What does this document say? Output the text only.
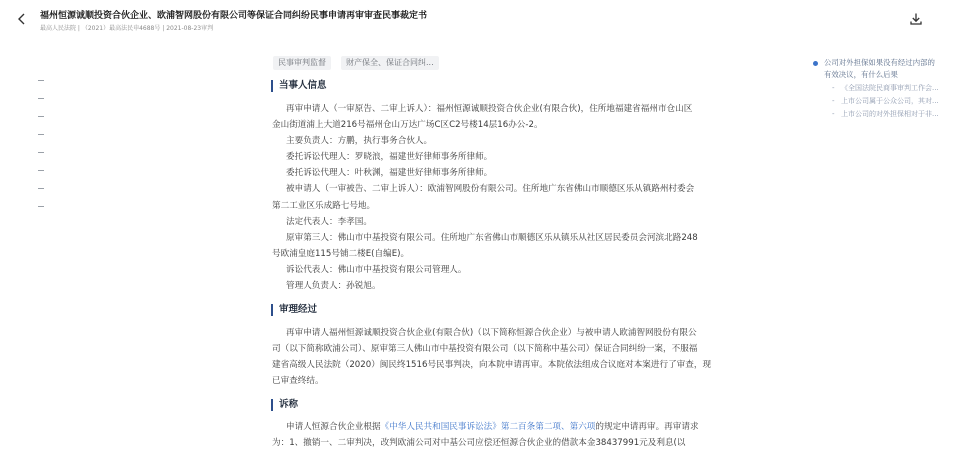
福州恒源诚顺投资合伙企业、欧浦智网股份有限公司等保证合同纠纷民事申请再审审查民事裁定书
最高人民法院 | （2021）最高法民申4688号 | 2021-08-23审判
民事审判监督	财产保全、保证合同纠...
当事人信息
再审申请人（一审原告、二审上诉人）：福州恒源诚顺投资合伙企业(有限合伙)，住所地福建省福州市仓山区
金山街道浦上大道216号福州仓山万达广场C区C2号楼14层16办公-2。
主要负责人：方鹏，执行事务合伙人。
委托诉讼代理人：罗晓浪，福建世好律师事务所律师。
委托诉讼代理人：叶秋渊，福建世好律师事务所律师。
被申请人（一审被告、二审上诉人）：欧浦智网股份有限公司。住所地广东省佛山市顺德区乐从镇路州村委会
第二工业区乐成路七号地。
法定代表人：李孝国。
原审第三人：佛山市中基投资有限公司。住所地广东省佛山市顺德区乐从镇乐从社区居民委员会河滨北路248
号欧浦皇庭115号铺二楼E(自编E)。
诉讼代表人：佛山市中基投资有限公司管理人。
管理人负责人：孙锐旭。
审理经过
再审申请人福州恒源诚顺投资合伙企业(有限合伙)（以下简称恒源合伙企业）与被申请人欧浦智网股份有限公
司（以下简称欧浦公司）、原审第三人佛山市中基投资有限公司（以下简称中基公司）保证合同纠纷一案，不服福
建省高级人民法院（2020）闽民终1516号民事判决，向本院申请再审。本院依法组成合议庭对本案进行了审查，现
已审查终结。
诉称
申请人恒源合伙企业根据《中华人民共和国民事诉讼法》第二百条第二项、第六项的规定申请再审。再审请求
为：1、撤销一、二审判决，改判欧浦公司对中基公司应偿还恒源合伙企业的借款本金38437991元及利息(以
公司对外担保如果没有经过内部的
有效决议，有什么后果
- 《全国法院民商事审判工作会...
- 上市公司属于公众公司，其对...
- 上市公司的对外担保相对于非...
